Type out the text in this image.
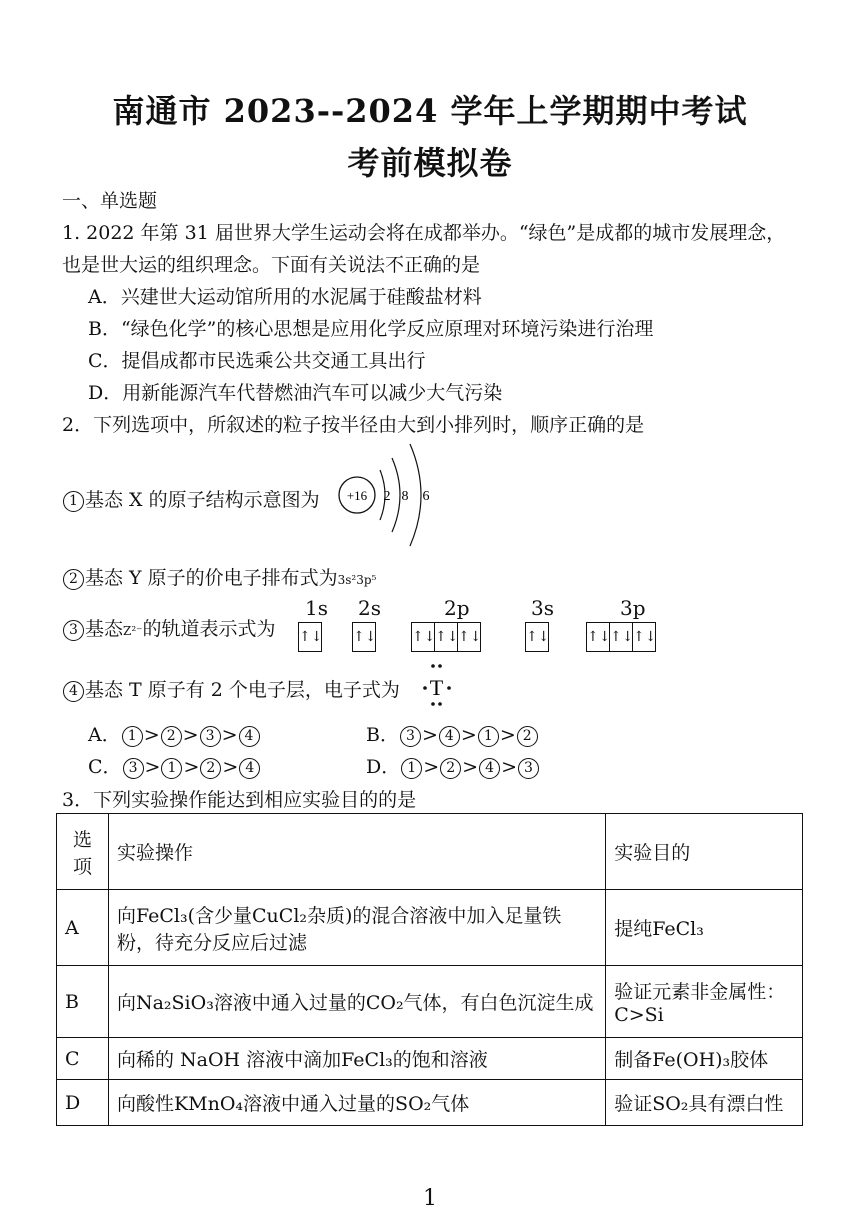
南通市 2023--2024 学年上学期期中考试
考前模拟卷
一、单选题
1. 2022 年第 31 届世界大学生运动会将在成都举办。“绿色”是成都的城市发展理念，
也是世大运的组织理念。下面有关说法不正确的是
A．兴建世大运动馆所用的水泥属于硅酸盐材料
B．“绿色化学”的核心思想是应用化学反应原理对环境污染进行治理
C．提倡成都市民选乘公共交通工具出行
D．用新能源汽车代替燃油汽车可以减少大气污染
2．下列选项中，所叙述的粒子按半径由大到小排列时，顺序正确的是
1 基态 X 的原子结构示意图为 +16 2 8 6
2 基态 Y 原子的价电子排布式为3s²3p⁵
3 基态Z²⁻的轨道表示式为
1s 2s	2p	3s	3p
↑↓ ↑↓	↑↓ ↑↓ ↑↓	↑↓	↑↓ ↑↓ ↑↓
4 基态 T 原子有 2 个电子层，电子式为 T
A． 1 > 2 > 3 > 4	B． 3 > 4 > 1 > 2
C． 3 > 1 > 2 > 4	D． 1 > 2 > 4 > 3
3．下列实验操作能达到相应实验目的的是
选项	实验操作	实验目的
A	向FeCl₃(含少量CuCl₂杂质)的混合溶液中加入足量铁粉，待充分反应后过滤	提纯FeCl₃
B	向Na₂SiO₃溶液中通入过量的CO₂气体，有白色沉淀生成	验证元素非金属性：C>Si
C	向稀的 NaOH 溶液中滴加FeCl₃的饱和溶液	制备Fe(OH)₃胶体
D	向酸性KMnO₄溶液中通入过量的SO₂气体	验证SO₂具有漂白性
1
